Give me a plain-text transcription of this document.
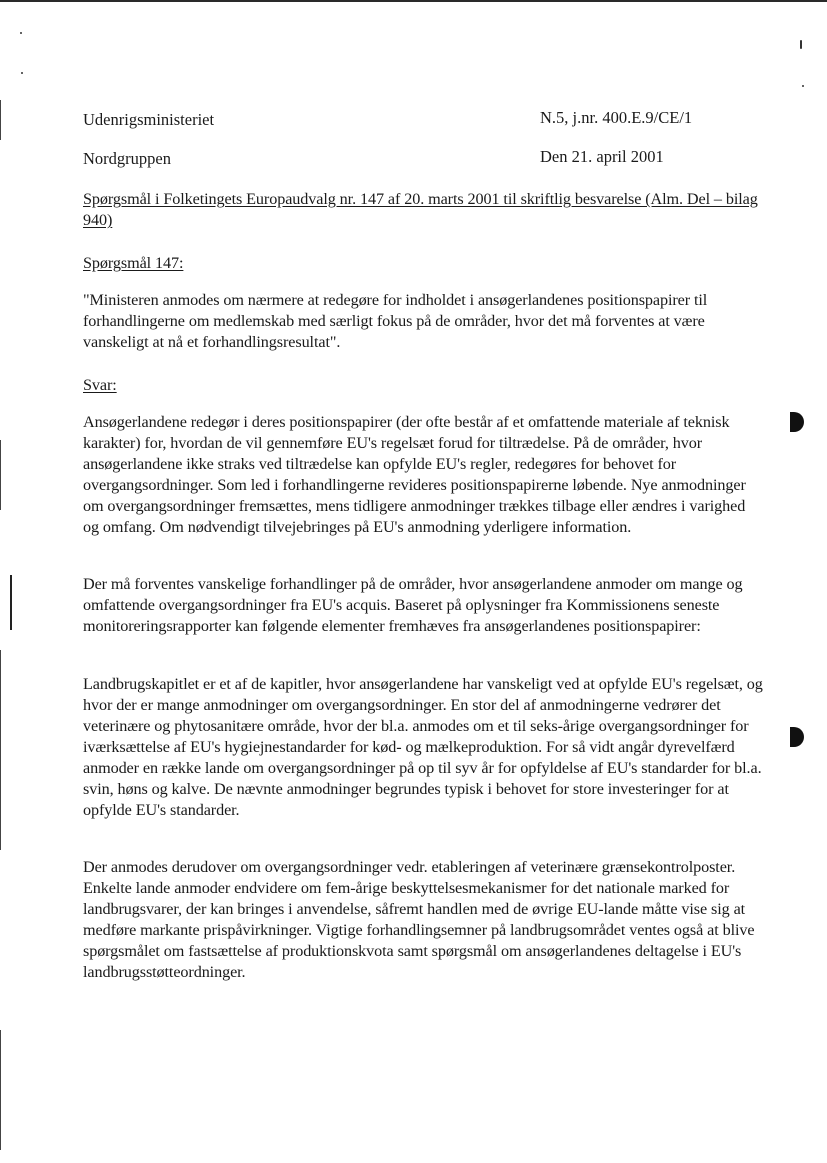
Udenrigsministeriet	N.5, j.nr. 400.E.9/CE/1
Nordgruppen	Den 21. april 2001
Spørgsmål i Folketingets Europaudvalg nr. 147 af 20. marts 2001 til skriftlig besvarelse (Alm. Del – bilag 940)
Spørgsmål 147:
"Ministeren anmodes om nærmere at redegøre for indholdet i ansøgerlandenes positionspapirer til forhandlingerne om medlemskab med særligt fokus på de områder, hvor det må forventes at være vanskeligt at nå et forhandlingsresultat".
Svar:
Ansøgerlandene redegør i deres positionspapirer (der ofte består af et omfattende materiale af teknisk karakter) for, hvordan de vil gennemføre EU's regelsæt forud for tiltrædelse. På de områder, hvor ansøgerlandene ikke straks ved tiltrædelse kan opfylde EU's regler, redegøres for behovet for overgangsordninger. Som led i forhandlingerne revideres positionspapirerne løbende. Nye anmodninger om overgangsordninger fremsættes, mens tidligere anmodninger trækkes tilbage eller ændres i varighed og omfang. Om nødvendigt tilvejebringes på EU's anmodning yderligere information.
Der må forventes vanskelige forhandlinger på de områder, hvor ansøgerlandene anmoder om mange og omfattende overgangsordninger fra EU's acquis. Baseret på oplysninger fra Kommissionens seneste monitoreringsrapporter kan følgende elementer fremhæves fra ansøgerlandenes positionspapirer:
Landbrugskapitlet er et af de kapitler, hvor ansøgerlandene har vanskeligt ved at opfylde EU's regelsæt, og hvor der er mange anmodninger om overgangsordninger. En stor del af anmodningerne vedrører det veterinære og phytosanitære område, hvor der bl.a. anmodes om et til seks-årige overgangsordninger for iværksættelse af EU's hygiejnestandarder for kød- og mælkeproduktion. For så vidt angår dyrevelfærd anmoder en række lande om overgangsordninger på op til syv år for opfyldelse af EU's standarder for bl.a. svin, høns og kalve. De nævnte anmodninger begrundes typisk i behovet for store investeringer for at opfylde EU's standarder.
Der anmodes derudover om overgangsordninger vedr. etableringen af veterinære grænsekontrolposter. Enkelte lande anmoder endvidere om fem-årige beskyttelsesmekanismer for det nationale marked for landbrugsvarer, der kan bringes i anvendelse, såfremt handlen med de øvrige EU-lande måtte vise sig at medføre markante prispåvirkninger. Vigtige forhandlingsemner på landbrugsområdet ventes også at blive spørgsmålet om fastsættelse af produktionskvota samt spørgsmål om ansøgerlandenes deltagelse i EU's landbrugsstøtteordninger.
